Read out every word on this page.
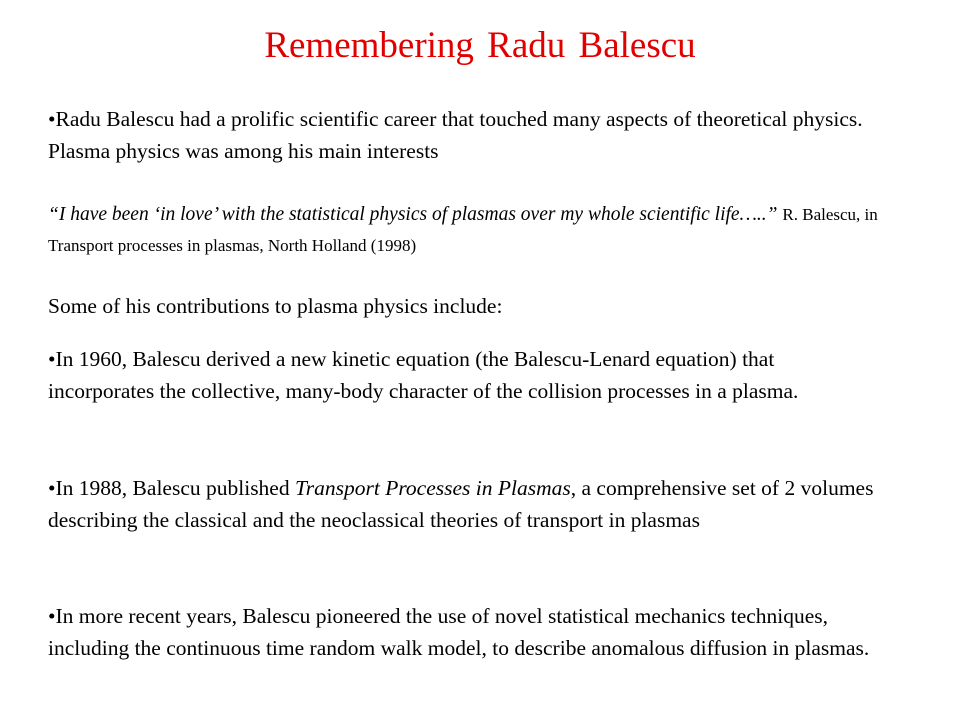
Remembering Radu Balescu
•Radu Balescu had a prolific scientific career that touched many aspects of theoretical physics. Plasma physics was among his main interests
“I have been ‘in love’ with the statistical physics of plasmas over my whole scientific life…..” R. Balescu, in Transport processes in plasmas, North Holland (1998)
Some of his contributions to plasma physics include:
•In 1960, Balescu derived a new kinetic equation (the Balescu-Lenard equation) that incorporates the collective, many-body character of the collision processes in a plasma.
•In 1988, Balescu published Transport Processes in Plasmas, a comprehensive set of 2 volumes describing the classical and the neoclassical theories of transport in plasmas
•In more recent years, Balescu pioneered the use of novel statistical mechanics techniques, including the continuous time random walk model, to describe anomalous diffusion in plasmas.
